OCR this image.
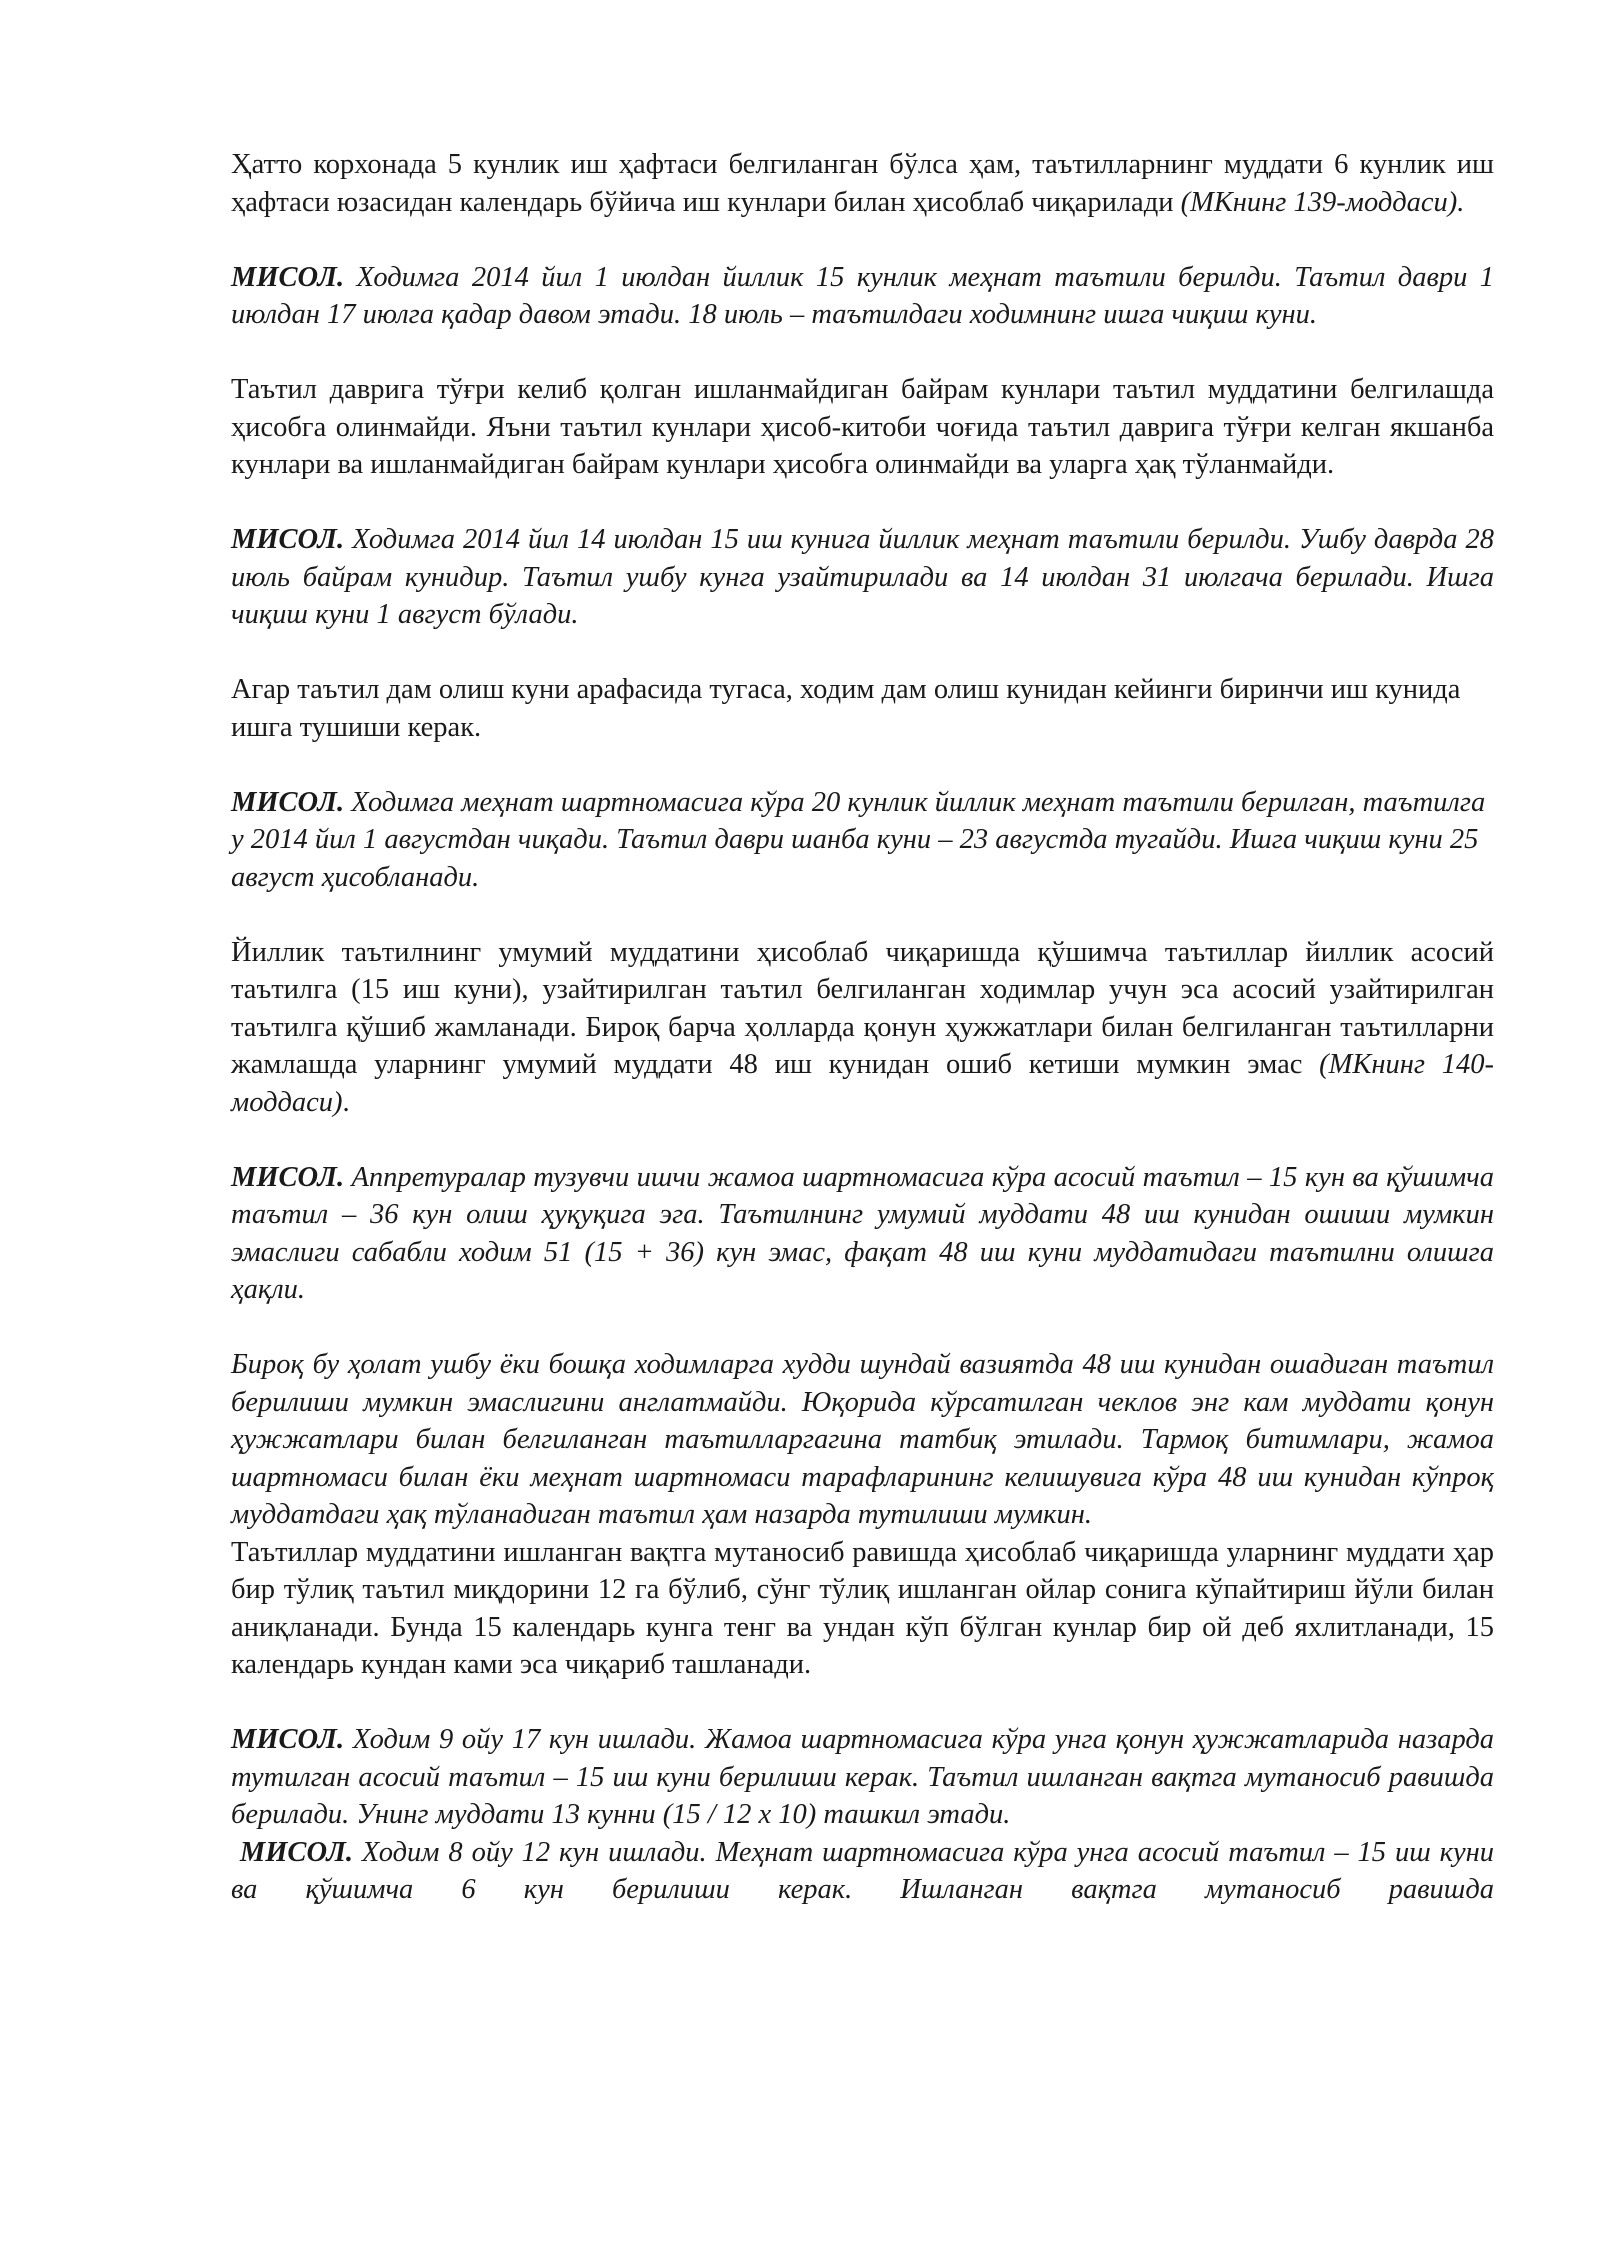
Ҳатто корхонада 5 кунлик иш ҳафтаси белгиланган бўлса ҳам, таътилларнинг муддати 6 кунлик иш ҳафтаси юзасидан календарь бўйича иш кунлари билан ҳисоблаб чиқарилади (МКнинг 139-моддаси).

МИСОЛ. Ходимга 2014 йил 1 июлдан йиллик 15 кунлик меҳнат таътили берилди. Таътил даври 1 июлдан 17 июлга қадар давом этади. 18 июль – таътилдаги ходимнинг ишга чиқиш куни.

Таътил даврига тўғри келиб қолган ишланмайдиган байрам кунлари таътил муддатини белгилашда ҳисобга олинмайди. Яъни таътил кунлари ҳисоб-китоби чоғида таътил даврига тўғри келган якшанба кунлари ва ишланмайдиган байрам кунлари ҳисобга олинмайди ва уларга ҳақ тўланмайди.

МИСОЛ. Ходимга 2014 йил 14 июлдан 15 иш кунига йиллик меҳнат таътили берилди. Ушбу даврда 28 июль байрам кунидир. Таътил ушбу кунга узайтирилади ва 14 июлдан 31 июлгача берилади. Ишга чиқиш куни 1 август бўлади.

Агар таътил дам олиш куни арафасида тугаса, ходим дам олиш кунидан кейинги биринчи иш кунида ишга тушиши керак.

МИСОЛ. Ходимга меҳнат шартномасига кўра 20 кунлик йиллик меҳнат таътили берилган, таътилга у 2014 йил 1 августдан чиқади. Таътил даври шанба куни – 23 августда тугайди. Ишга чиқиш куни 25 август ҳисобланади.

Йиллик таътилнинг умумий муддатини ҳисоблаб чиқаришда қўшимча таътиллар йиллик асосий таътилга (15 иш куни), узайтирилган таътил белгиланган ходимлар учун эса асосий узайтирилган таътилга қўшиб жамланади. Бироқ барча ҳолларда қонун ҳужжатлари билан белгиланган таътилларни жамлашда уларнинг умумий муддати 48 иш кунидан ошиб кетиши мумкин эмас (МКнинг 140-моддаси).

МИСОЛ. Аппретуралар тузувчи ишчи жамоа шартномасига кўра асосий таътил – 15 кун ва қўшимча таътил – 36 кун олиш ҳуқуқига эга. Таътилнинг умумий муддати 48 иш кунидан ошиши мумкин эмаслиги сабабли ходим 51 (15 + 36) кун эмас, фақат 48 иш куни муддатидаги таътилни олишга ҳақли.

Бироқ бу ҳолат ушбу ёки бошқа ходимларга худди шундай вазиятда 48 иш кунидан ошадиган таътил берилиши мумкин эмаслигини англатмайди. Юқорида кўрсатилган чеклов энг кам муддати қонун ҳужжатлари билан белгиланган таътилларгагина татбиқ этилади. Тармоқ битимлари, жамоа шартномаси билан ёки меҳнат шартномаси тарафларининг келишувига кўра 48 иш кунидан кўпроқ муддатдаги ҳақ тўланадиган таътил ҳам назарда тутилиши мумкин.

Таътиллар муддатини ишланган вақтга мутаносиб равишда ҳисоблаб чиқаришда уларнинг муддати ҳар бир тўлиқ таътил миқдорини 12 га бўлиб, сўнг тўлиқ ишланган ойлар сонига кўпайтириш йўли билан аниқланади. Бунда 15 календарь кунга тенг ва ундан кўп бўлган кунлар бир ой деб яхлитланади, 15 календарь кундан ками эса чиқариб ташланади.

МИСОЛ. Ходим 9 ойу 17 кун ишлади. Жамоа шартномасига кўра унга қонун ҳужжатларида назарда тутилган асосий таътил – 15 иш куни берилиши керак. Таътил ишланган вақтга мутаносиб равишда берилади. Унинг муддати 13 кунни (15 / 12 х 10) ташкил этади.

МИСОЛ. Ходим 8 ойу 12 кун ишлади. Меҳнат шартномасига кўра унга асосий таътил – 15 иш куни ва қўшимча 6 кун берилиши керак. Ишланган вақтга мутаносиб равишда
